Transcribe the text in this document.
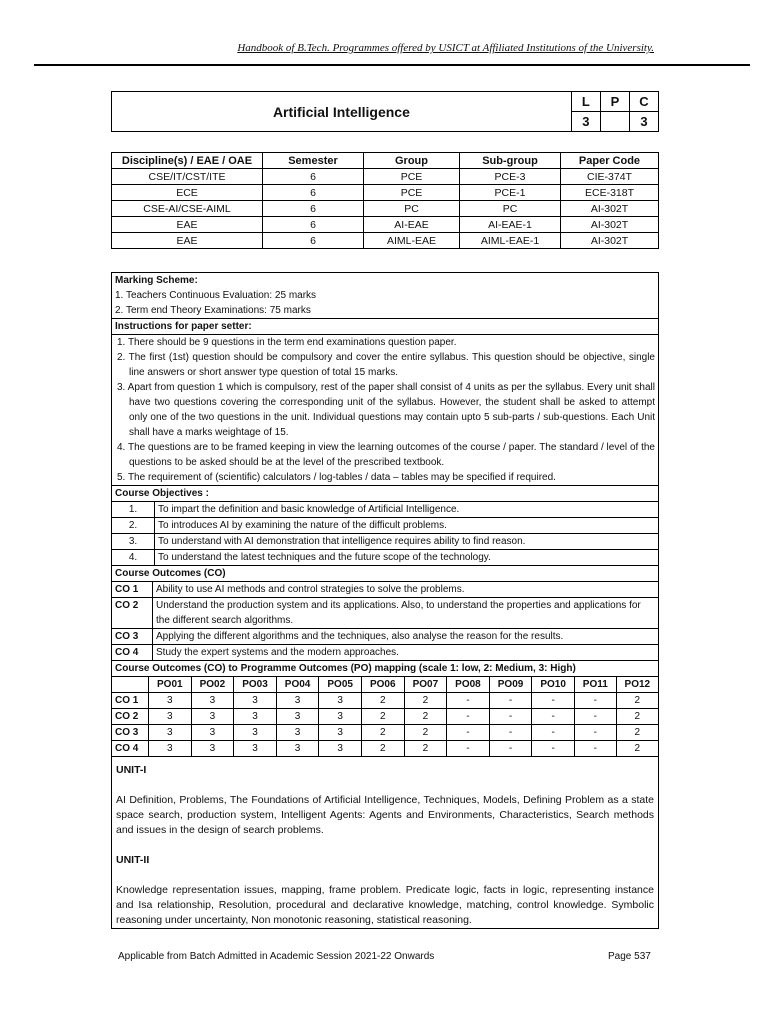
Handbook of B.Tech. Programmes offered by USICT at Affiliated Institutions of the University.
Artificial Intelligence	L	P	C
	3		3
Discipline(s) / EAE / OAE	Semester	Group	Sub-group	Paper Code
CSE/IT/CST/ITE	6	PCE	PCE-3	CIE-374T
ECE	6	PCE	PCE-1	ECE-318T
CSE-AI/CSE-AIML	6	PC	PC	AI-302T
EAE	6	AI-EAE	AI-EAE-1	AI-302T
EAE	6	AIML-EAE	AIML-EAE-1	AI-302T
Marking Scheme:
1. Teachers Continuous Evaluation: 25 marks
2. Term end Theory Examinations: 75 marks

Instructions for paper setter:

1. There should be 9 questions in the term end examinations question paper.
2. The first (1st) question should be compulsory and cover the entire syllabus. This question should be objective, single line answers or short answer type question of total 15 marks.
3. Apart from question 1 which is compulsory, rest of the paper shall consist of 4 units as per the syllabus. Every unit shall have two questions covering the corresponding unit of the syllabus. However, the student shall be asked to attempt only one of the two questions in the unit. Individual questions may contain upto 5 sub-parts / sub-questions. Each Unit shall have a marks weightage of 15.
4. The questions are to be framed keeping in view the learning outcomes of the course / paper. The standard / level of the questions to be asked should be at the level of the prescribed textbook.
5. The requirement of (scientific) calculators / log-tables / data – tables may be specified if required.

Course Objectives :

1.	To impart the definition and basic knowledge of Artificial Intelligence.
2.	To introduces AI by examining the nature of the difficult problems.
3.	To understand with AI demonstration that intelligence requires ability to find reason.
4.	To understand the latest techniques and the future scope of the technology.

Course Outcomes (CO)

CO 1	Ability to use AI methods and control strategies to solve the problems.
CO 2	Understand the production system and its applications. Also, to understand the properties and applications for the different search algorithms.
CO 3	Applying the different algorithms and the techniques, also analyse the reason for the results.
CO 4	Study the expert systems and the modern approaches.

Course Outcomes (CO) to Programme Outcomes (PO) mapping (scale 1: low, 2: Medium, 3: High)

	PO01	PO02	PO03	PO04	PO05	PO06	PO07	PO08	PO09	PO10	PO11	PO12
CO 1	3	3	3	3	3	2	2	-	-	-	-	2
CO 2	3	3	3	3	3	2	2	-	-	-	-	2
CO 3	3	3	3	3	3	2	2	-	-	-	-	2
CO 4	3	3	3	3	3	2	2	-	-	-	-	2

UNIT-I

AI Definition, Problems, The Foundations of Artificial Intelligence, Techniques, Models, Defining Problem as a state space search, production system, Intelligent Agents: Agents and Environments, Characteristics, Search methods and issues in the design of search problems.

UNIT-II

Knowledge representation issues, mapping, frame problem. Predicate logic, facts in logic, representing instance and Isa relationship, Resolution, procedural and declarative knowledge, matching, control knowledge. Symbolic reasoning under uncertainty, Non monotonic reasoning, statistical reasoning.

Applicable from Batch Admitted in Academic Session 2021-22 Onwards	Page 537
